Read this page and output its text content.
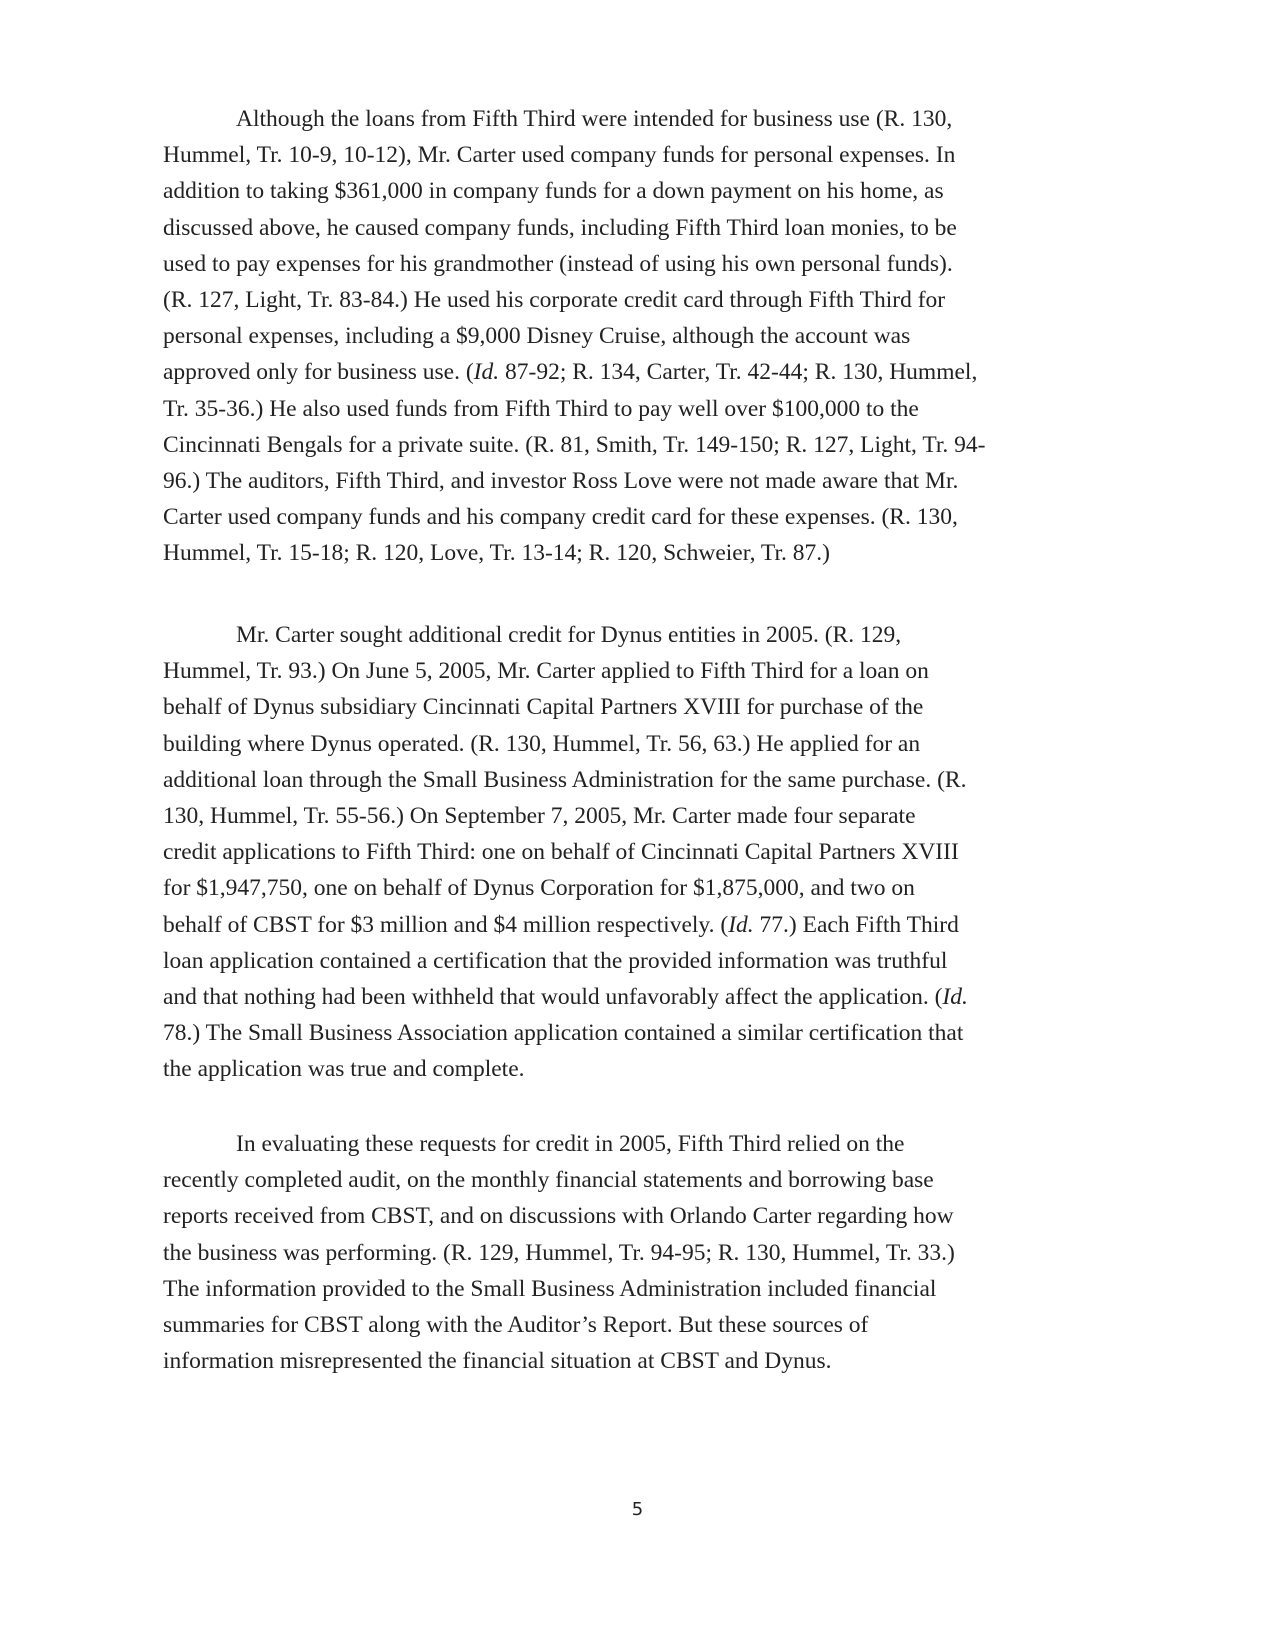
Although the loans from Fifth Third were intended for business use (R. 130,
Hummel, Tr. 10-9, 10-12), Mr. Carter used company funds for personal expenses. In
addition to taking $361,000 in company funds for a down payment on his home, as
discussed above, he caused company funds, including Fifth Third loan monies, to be
used to pay expenses for his grandmother (instead of using his own personal funds).
(R. 127, Light, Tr. 83-84.) He used his corporate credit card through Fifth Third for
personal expenses, including a $9,000 Disney Cruise, although the account was
approved only for business use. (Id. 87-92; R. 134, Carter, Tr. 42-44; R. 130, Hummel,
Tr. 35-36.) He also used funds from Fifth Third to pay well over $100,000 to the
Cincinnati Bengals for a private suite. (R. 81, Smith, Tr. 149-150; R. 127, Light, Tr. 94-
96.) The auditors, Fifth Third, and investor Ross Love were not made aware that Mr.
Carter used company funds and his company credit card for these expenses. (R. 130,
Hummel, Tr. 15-18; R. 120, Love, Tr. 13-14; R. 120, Schweier, Tr. 87.)

Mr. Carter sought additional credit for Dynus entities in 2005. (R. 129,
Hummel, Tr. 93.) On June 5, 2005, Mr. Carter applied to Fifth Third for a loan on
behalf of Dynus subsidiary Cincinnati Capital Partners XVIII for purchase of the
building where Dynus operated. (R. 130, Hummel, Tr. 56, 63.) He applied for an
additional loan through the Small Business Administration for the same purchase. (R.
130, Hummel, Tr. 55-56.) On September 7, 2005, Mr. Carter made four separate
credit applications to Fifth Third: one on behalf of Cincinnati Capital Partners XVIII
for $1,947,750, one on behalf of Dynus Corporation for $1,875,000, and two on
behalf of CBST for $3 million and $4 million respectively. (Id. 77.) Each Fifth Third
loan application contained a certification that the provided information was truthful
and that nothing had been withheld that would unfavorably affect the application. (Id.
78.) The Small Business Association application contained a similar certification that
the application was true and complete.

In evaluating these requests for credit in 2005, Fifth Third relied on the
recently completed audit, on the monthly financial statements and borrowing base
reports received from CBST, and on discussions with Orlando Carter regarding how
the business was performing. (R. 129, Hummel, Tr. 94-95; R. 130, Hummel, Tr. 33.)
The information provided to the Small Business Administration included financial
summaries for CBST along with the Auditor’s Report. But these sources of
information misrepresented the financial situation at CBST and Dynus.

5
